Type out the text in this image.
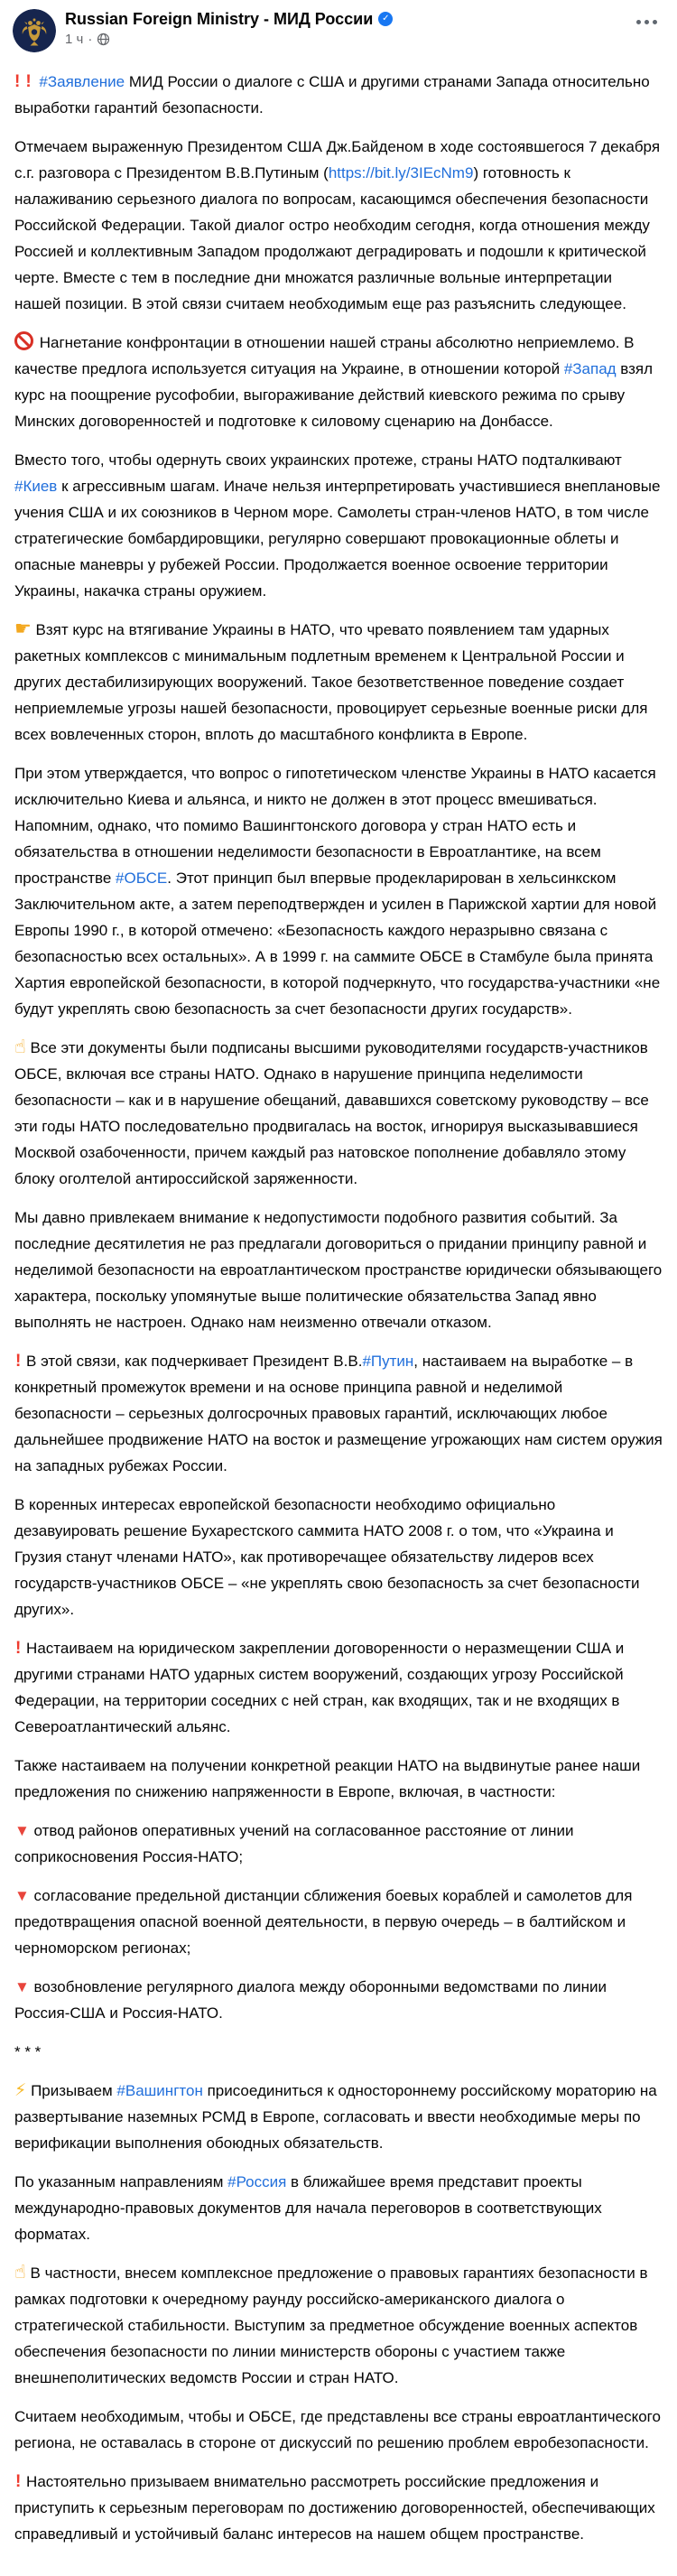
Russian Foreign Ministry - МИД России
✓
1 ч ·

!! #Заявление МИД России о диалоге с США и другими странами Запада относительно выработки гарантий безопасности.

Отмечаем выраженную Президентом США Дж.Байденом в ходе состоявшегося 7 декабря с.г. разговора с Президентом В.В.Путиным (https://bit.ly/3IEcNm9) готовность к налаживанию серьезного диалога по вопросам, касающимся обеспечения безопасности Российской Федерации. Такой диалог остро необходим сегодня, когда отношения между Россией и коллективным Западом продолжают деградировать и подошли к критической черте. Вместе с тем в последние дни множатся различные вольные интерпретации нашей позиции. В этой связи считаем необходимым еще раз разъяснить следующее.

Нагнетание конфронтации в отношении нашей страны абсолютно неприемлемо. В качестве предлога используется ситуация на Украине, в отношении которой #Запад взял курс на поощрение русофобии, выгораживание действий киевского режима по срыву Минских договоренностей и подготовке к силовому сценарию на Донбассе.

Вместо того, чтобы одернуть своих украинских протеже, страны НАТО подталкивают #Киев к агрессивным шагам. Иначе нельзя интерпретировать участившиеся внеплановые учения США и их союзников в Черном море. Самолеты стран-членов НАТО, в том числе стратегические бомбардировщики, регулярно совершают провокационные облеты и опасные маневры у рубежей России. Продолжается военное освоение территории Украины, накачка страны оружием.

☛ Взят курс на втягивание Украины в НАТО, что чревато появлением там ударных ракетных комплексов с минимальным подлетным временем к Центральной России и других дестабилизирующих вооружений. Такое безответственное поведение создает неприемлемые угрозы нашей безопасности, провоцирует серьезные военные риски для всех вовлеченных сторон, вплоть до масштабного конфликта в Европе.

При этом утверждается, что вопрос о гипотетическом членстве Украины в НАТО касается исключительно Киева и альянса, и никто не должен в этот процесс вмешиваться. Напомним, однако, что помимо Вашингтонского договора у стран НАТО есть и обязательства в отношении неделимости безопасности в Евроатлантике, на всем пространстве #ОБСЕ. Этот принцип был впервые продекларирован в хельсинкском Заключительном акте, а затем переподтвержден и усилен в Парижской хартии для новой Европы 1990 г., в которой отмечено: «Безопасность каждого неразрывно связана с безопасностью всех остальных». А в 1999 г. на саммите ОБСЕ в Стамбуле была принята Хартия европейской безопасности, в которой подчеркнуто, что государства-участники «не будут укреплять свою безопасность за счет безопасности других государств».

☝ Все эти документы были подписаны высшими руководителями государств-участников ОБСЕ, включая все страны НАТО. Однако в нарушение принципа неделимости безопасности – как и в нарушение обещаний, дававшихся советскому руководству – все эти годы НАТО последовательно продвигалась на восток, игнорируя высказывавшиеся Москвой озабоченности, причем каждый раз натовское пополнение добавляло этому блоку оголтелой антироссийской заряженности.

Мы давно привлекаем внимание к недопустимости подобного развития событий. За последние десятилетия не раз предлагали договориться о придании принципу равной и неделимой безопасности на евроатлантическом пространстве юридически обязывающего характера, поскольку упомянутые выше политические обязательства Запад явно выполнять не настроен. Однако нам неизменно отвечали отказом.

! В этой связи, как подчеркивает Президент В.В.#Путин, настаиваем на выработке – в конкретный промежуток времени и на основе принципа равной и неделимой безопасности – серьезных долгосрочных правовых гарантий, исключающих любое дальнейшее продвижение НАТО на восток и размещение угрожающих нам систем оружия на западных рубежах России.

В коренных интересах европейской безопасности необходимо официально дезавуировать решение Бухарестского саммита НАТО 2008 г. о том, что «Украина и Грузия станут членами НАТО», как противоречащее обязательству лидеров всех государств-участников ОБСЕ – «не укреплять свою безопасность за счет безопасности других».

! Настаиваем на юридическом закреплении договоренности о неразмещении США и другими странами НАТО ударных систем вооружений, создающих угрозу Российской Федерации, на территории соседних с ней стран, как входящих, так и не входящих в Североатлантический альянс.

Также настаиваем на получении конкретной реакции НАТО на выдвинутые ранее наши предложения по снижению напряженности в Европе, включая, в частности:

▼ отвод районов оперативных учений на согласованное расстояние от линии соприкосновения Россия-НАТО;

▼ согласование предельной дистанции сближения боевых кораблей и самолетов для предотвращения опасной военной деятельности, в первую очередь – в балтийском и черноморском регионах;

▼ возобновление регулярного диалога между оборонными ведомствами по линии Россия-США и Россия-НАТО.

* * *

⚡ Призываем #Вашингтон присоединиться к одностороннему российскому мораторию на развертывание наземных РСМД в Европе, согласовать и ввести необходимые меры по верификации выполнения обоюдных обязательств.

По указанным направлениям #Россия в ближайшее время представит проекты международно-правовых документов для начала переговоров в соответствующих форматах.

☝ В частности, внесем комплексное предложение о правовых гарантиях безопасности в рамках подготовки к очередному раунду российско-американского диалога о стратегической стабильности. Выступим за предметное обсуждение военных аспектов обеспечения безопасности по линии министерств обороны с участием также внешнеполитических ведомств России и стран НАТО.

Считаем необходимым, чтобы и ОБСЕ, где представлены все страны евроатлантического региона, не оставалась в стороне от дискуссий по решению проблем евробезопасности.

! Настоятельно призываем внимательно рассмотреть российские предложения и приступить к серьезным переговорам по достижению договоренностей, обеспечивающих справедливый и устойчивый баланс интересов на нашем общем пространстве.
